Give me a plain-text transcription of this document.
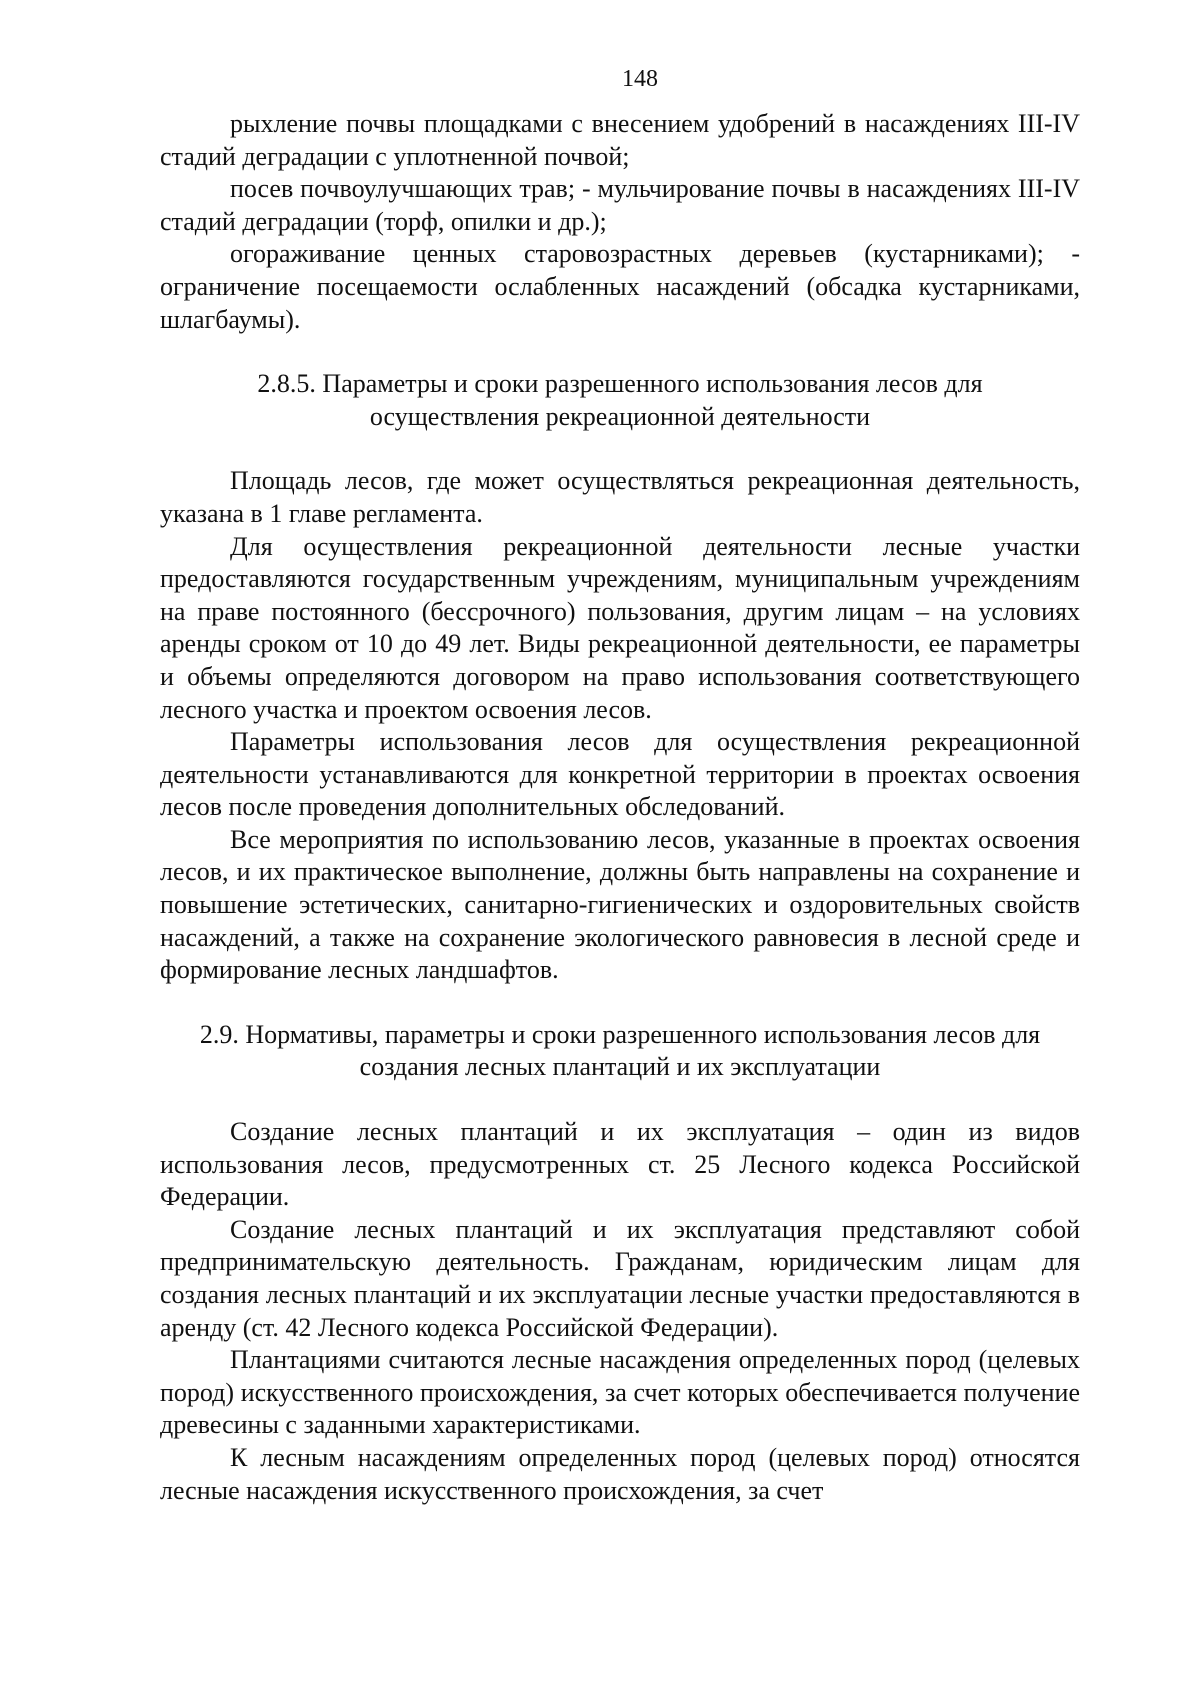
148

рыхление почвы площадками с внесением удобрений в насаждениях III-IV стадий деградации с уплотненной почвой;

посев почвоулучшающих трав; - мульчирование почвы в насаждениях III-IV стадий деградации (торф, опилки и др.);

огораживание ценных старовозрастных деревьев (кустарниками); - ограничение посещаемости ослабленных насаждений (обсадка кустарниками, шлагбаумы).

2.8.5. Параметры и сроки разрешенного использования лесов для
осуществления рекреационной деятельности

Площадь лесов, где может осуществляться рекреационная деятельность, указана в 1 главе регламента.

Для осуществления рекреационной деятельности лесные участки предоставляются государственным учреждениям, муниципальным учреждениям на праве постоянного (бессрочного) пользования, другим лицам – на условиях аренды сроком от 10 до 49 лет. Виды рекреационной деятельности, ее параметры и объемы определяются договором на право использования соответствующего лесного участка и проектом освоения лесов.

Параметры использования лесов для осуществления рекреационной деятельности устанавливаются для конкретной территории в проектах освоения лесов после проведения дополнительных обследований.

Все мероприятия по использованию лесов, указанные в проектах освоения лесов, и их практическое выполнение, должны быть направлены на сохранение и повышение эстетических, санитарно-гигиенических и оздоровительных свойств насаждений, а также на сохранение экологического равновесия в лесной среде и формирование лесных ландшафтов.

2.9. Нормативы, параметры и сроки разрешенного использования лесов для
создания лесных плантаций и их эксплуатации

Создание лесных плантаций и их эксплуатация – один из видов использования лесов, предусмотренных ст. 25 Лесного кодекса Российской Федерации.

Создание лесных плантаций и их эксплуатация представляют собой предпринимательскую деятельность. Гражданам, юридическим лицам для создания лесных плантаций и их эксплуатации лесные участки предоставляются в аренду (ст. 42 Лесного кодекса Российской Федерации).

Плантациями считаются лесные насаждения определенных пород (целевых пород) искусственного происхождения, за счет которых обеспечивается получение древесины с заданными характеристиками.

К лесным насаждениям определенных пород (целевых пород) относятся лесные насаждения искусственного происхождения, за счет
